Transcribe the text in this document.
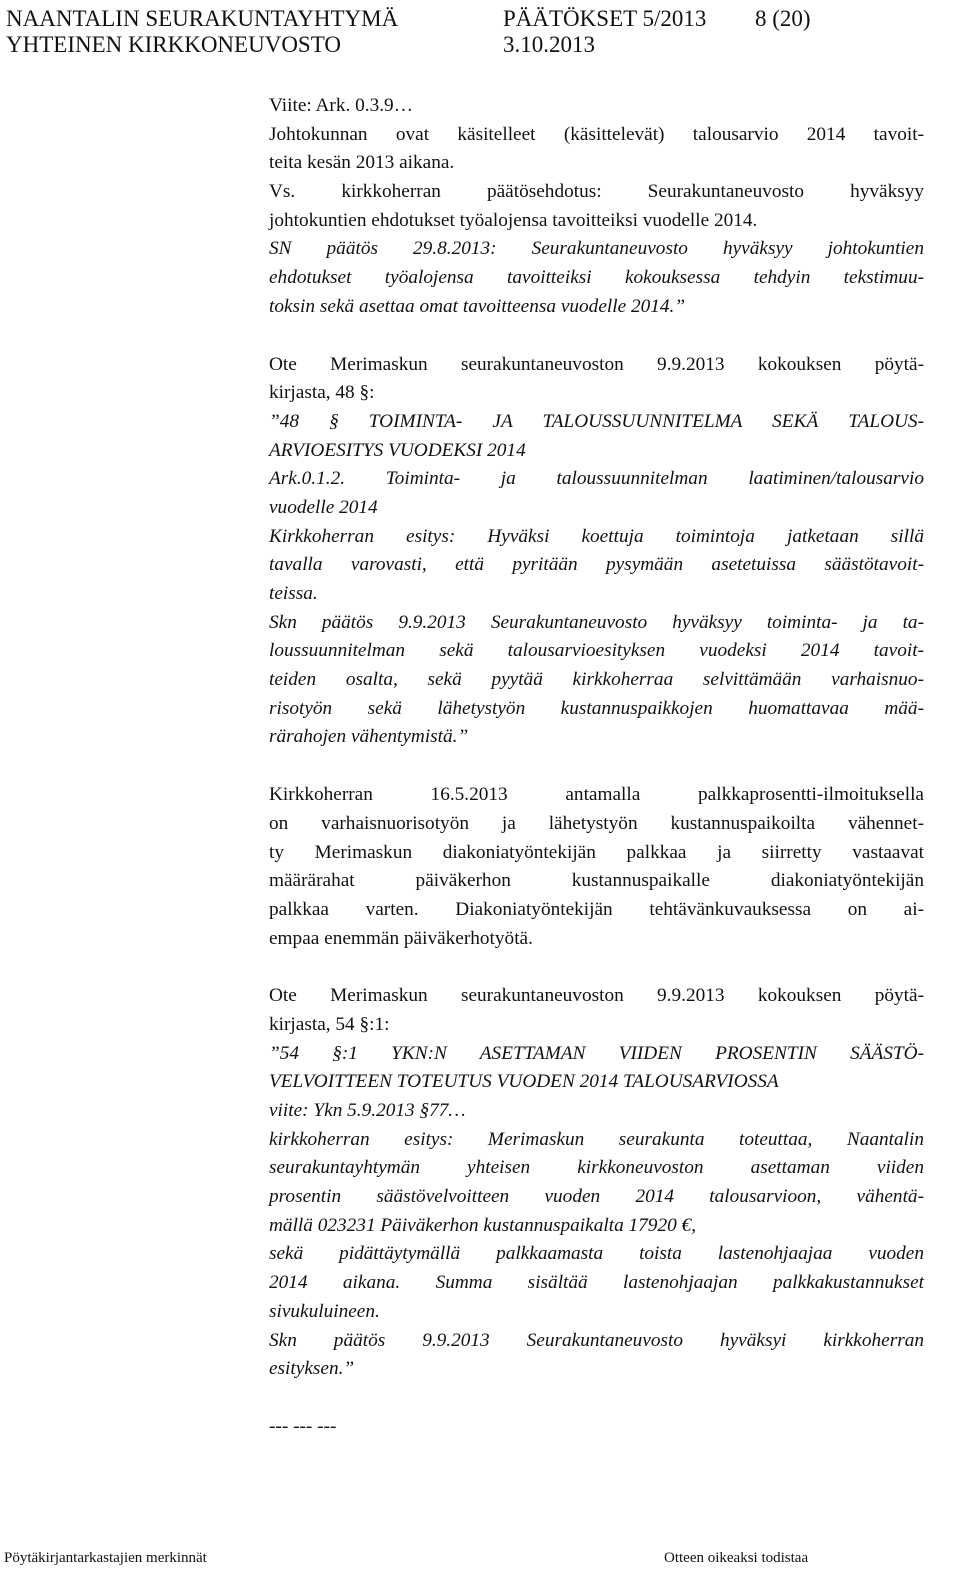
NAANTALIN SEURAKUNTAYHTYMÄ
YHTEINEN KIRKKONEUVOSTO
PÄÄTÖKSET 5/2013 8 (20)
3.10.2013
Viite: Ark. 0.3.9…
Johtokunnan ovat käsitelleet (käsittelevät) talousarvio 2014 tavoit-
teita kesän 2013 aikana.
Vs. kirkkoherran päätösehdotus: Seurakuntaneuvosto hyväksyy
johtokuntien ehdotukset työalojensa tavoitteiksi vuodelle 2014.
SN päätös 29.8.2013: Seurakuntaneuvosto hyväksyy johtokuntien
ehdotukset työalojensa tavoitteiksi kokouksessa tehdyin tekstimuu-
toksin sekä asettaa omat tavoitteensa vuodelle 2014.”
Ote Merimaskun seurakuntaneuvoston 9.9.2013 kokouksen pöytä-
kirjasta, 48 §:
”48 § TOIMINTA- JA TALOUSSUUNNITELMA SEKÄ TALOUS-
ARVIOESITYS VUODEKSI 2014
Ark.0.1.2. Toiminta- ja taloussuunnitelman laatiminen/talousarvio
vuodelle 2014
Kirkkoherran esitys: Hyväksi koettuja toimintoja jatketaan sillä
tavalla varovasti, että pyritään pysymään asetetuissa säästötavoit-
teissa.
Skn päätös 9.9.2013 Seurakuntaneuvosto hyväksyy toiminta- ja ta-
loussuunnitelman sekä talousarvioesityksen vuodeksi 2014 tavoit-
teiden osalta, sekä pyytää kirkkoherraa selvittämään varhaisnuo-
risotyön sekä lähetystyön kustannuspaikkojen huomattavaa mää-
rärahojen vähentymistä.”
Kirkkoherran 16.5.2013 antamalla palkkaprosentti-ilmoituksella
on varhaisnuorisotyön ja lähetystyön kustannuspaikoilta vähennet-
ty Merimaskun diakoniatyöntekijän palkkaa ja siirretty vastaavat
määrärahat päiväkerhon kustannuspaikalle diakoniatyöntekijän
palkkaa varten. Diakoniatyöntekijän tehtävänkuvauksessa on ai-
empaa enemmän päiväkerhotyötä.
Ote Merimaskun seurakuntaneuvoston 9.9.2013 kokouksen pöytä-
kirjasta, 54 §:1:
”54 §:1 YKN:N ASETTAMAN VIIDEN PROSENTIN SÄÄSTÖ-
VELVOITTEEN TOTEUTUS VUODEN 2014 TALOUSARVIOSSA
viite: Ykn 5.9.2013 §77…
kirkkoherran esitys: Merimaskun seurakunta toteuttaa, Naantalin
seurakuntayhtymän yhteisen kirkkoneuvoston asettaman viiden
prosentin säästövelvoitteen vuoden 2014 talousarvioon, vähentä-
mällä 023231 Päiväkerhon kustannuspaikalta 17920 €,
sekä pidättäytymällä palkkaamasta toista lastenohjaajaa vuoden
2014 aikana. Summa sisältää lastenohjaajan palkkakustannukset
sivukuluineen.
Skn päätös 9.9.2013 Seurakuntaneuvosto hyväksyi kirkkoherran
esityksen.”
--- --- ---
Pöytäkirjantarkastajien merkinnät	Otteen oikeaksi todistaa
